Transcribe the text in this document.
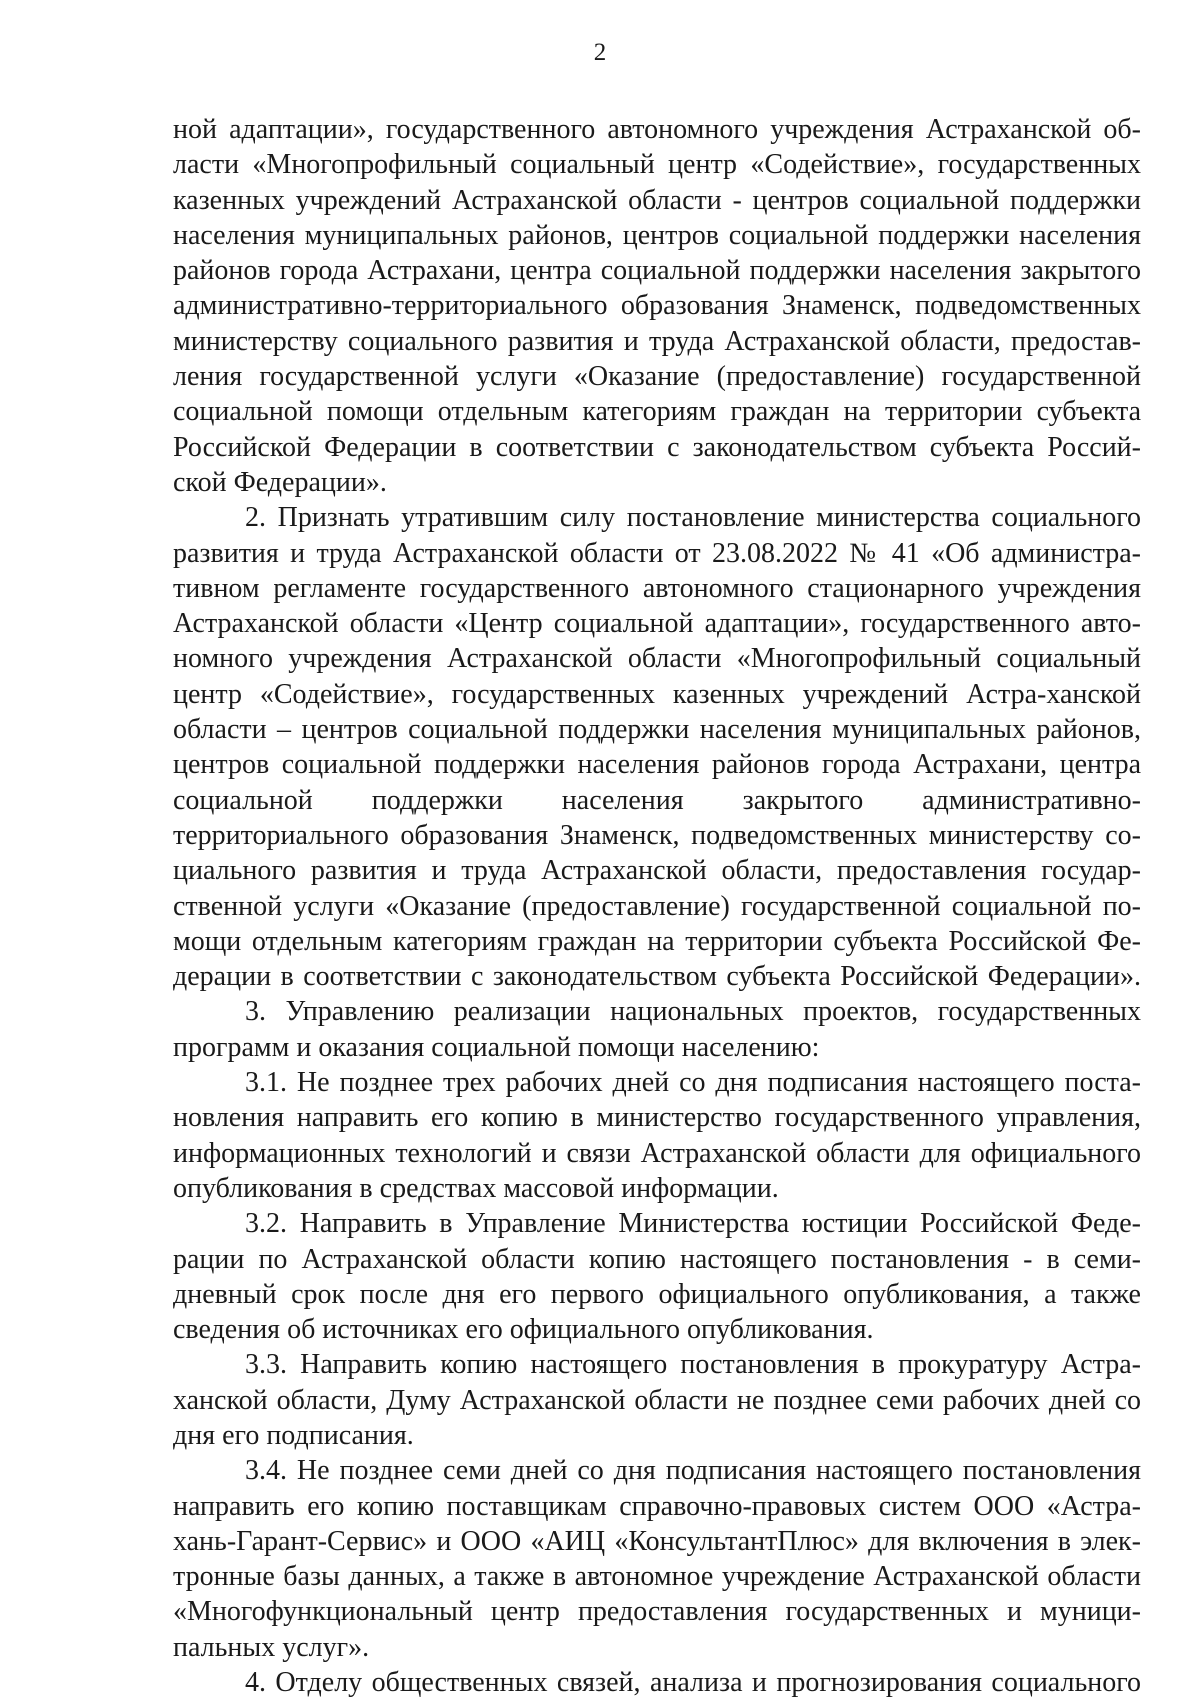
2
ной адаптации», государственного автономного учреждения Астраханской об-
ласти «Многопрофильный социальный центр «Содействие», государственных
казенных учреждений Астраханской области - центров социальной поддержки
населения муниципальных районов, центров социальной поддержки населения
районов города Астрахани, центра социальной поддержки населения закрытого
административно-территориального образования Знаменск, подведомственных
министерству социального развития и труда Астраханской области, предостав-
ления государственной услуги «Оказание (предоставление) государственной
социальной помощи отдельным категориям граждан на территории субъекта
Российской Федерации в соответствии с законодательством субъекта Россий-
ской Федерации».
2. Признать утратившим силу постановление министерства социального
развития и труда Астраханской области от 23.08.2022 № 41 «Об администра-
тивном регламенте государственного автономного стационарного учреждения
Астраханской области «Центр социальной адаптации», государственного авто-
номного учреждения Астраханской области «Многопрофильный социальный
центр «Содействие», государственных казенных учреждений Астра-ханской
области – центров социальной поддержки населения муниципальных районов,
центров социальной поддержки населения районов города Астрахани, центра
социальной поддержки населения закрытого административно-
территориального образования Знаменск, подведомственных министерству со-
циального развития и труда Астраханской области, предоставления государ-
ственной услуги «Оказание (предоставление) государственной социальной по-
мощи отдельным категориям граждан на территории субъекта Российской Фе-
дерации в соответствии с законодательством субъекта Российской Федерации».
3. Управлению реализации национальных проектов, государственных
программ и оказания социальной помощи населению:
3.1. Не позднее трех рабочих дней со дня подписания настоящего поста-
новления направить его копию в министерство государственного управления,
информационных технологий и связи Астраханской области для официального
опубликования в средствах массовой информации.
3.2. Направить в Управление Министерства юстиции Российской Феде-
рации по Астраханской области копию настоящего постановления - в семи-
дневный срок после дня его первого официального опубликования, а также
сведения об источниках его официального опубликования.
3.3. Направить копию настоящего постановления в прокуратуру Астра-
ханской области, Думу Астраханской области не позднее семи рабочих дней со
дня его подписания.
3.4. Не позднее семи дней со дня подписания настоящего постановления
направить его копию поставщикам справочно-правовых систем ООО «Астра-
хань-Гарант-Сервис» и ООО «АИЦ «КонсультантПлюс» для включения в элек-
тронные базы данных, а также в автономное учреждение Астраханской области
«Многофункциональный центр предоставления государственных и муници-
пальных услуг».
4. Отделу общественных связей, анализа и прогнозирования социального
